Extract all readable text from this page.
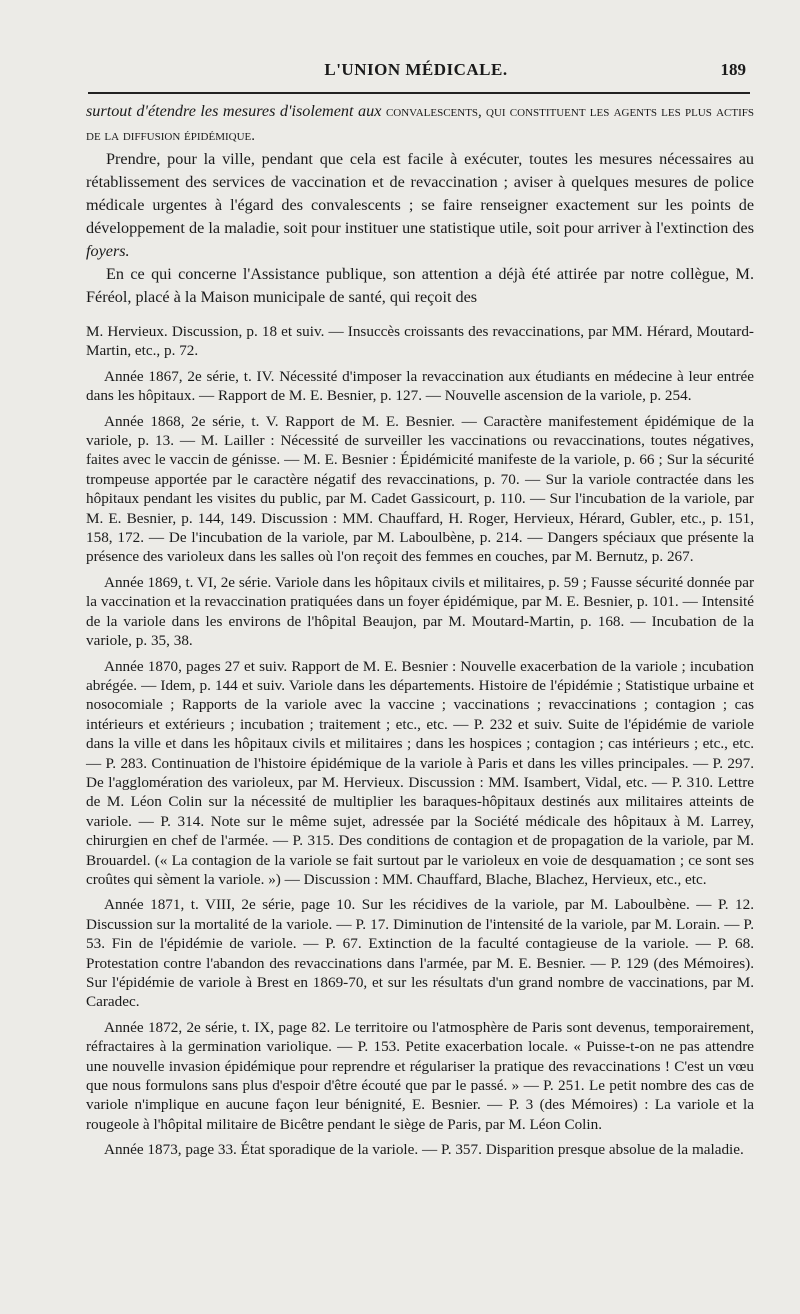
L'UNION MÉDICALE.	189

surtout d'étendre les mesures d'isolement aux convalescents, qui constituent les agents les plus actifs de la diffusion épidémique.

Prendre, pour la ville, pendant que cela est facile à exécuter, toutes les mesures nécessaires au rétablissement des services de vaccination et de revaccination ; aviser à quelques mesures de police médicale urgentes à l'égard des convalescents ; se faire renseigner exactement sur les points de développement de la maladie, soit pour instituer une statistique utile, soit pour arriver à l'extinction des foyers.

En ce qui concerne l'Assistance publique, son attention a déjà été attirée par notre collègue, M. Féréol, placé à la Maison municipale de santé, qui reçoit des

M. Hervieux. Discussion, p. 18 et suiv. — Insuccès croissants des revaccinations, par MM. Hérard, Moutard-Martin, etc., p. 72.

Année 1867, 2e série, t. IV. Nécessité d'imposer la revaccination aux étudiants en médecine à leur entrée dans les hôpitaux. — Rapport de M. E. Besnier, p. 127. — Nouvelle ascension de la variole, p. 254.

Année 1868, 2e série, t. V. Rapport de M. E. Besnier. — Caractère manifestement épidémique de la variole, p. 13. — M. Lailler : Nécessité de surveiller les vaccinations ou revaccinations, toutes négatives, faites avec le vaccin de génisse. — M. E. Besnier : Épidémicité manifeste de la variole, p. 66 ; Sur la sécurité trompeuse apportée par le caractère négatif des revaccinations, p. 70. — Sur la variole contractée dans les hôpitaux pendant les visites du public, par M. Cadet Gassicourt, p. 110. — Sur l'incubation de la variole, par M. E. Besnier, p. 144, 149. Discussion : MM. Chauffard, H. Roger, Hervieux, Hérard, Gubler, etc., p. 151, 158, 172. — De l'incubation de la variole, par M. Laboulbène, p. 214. — Dangers spéciaux que présente la présence des varioleux dans les salles où l'on reçoit des femmes en couches, par M. Bernutz, p. 267.

Année 1869, t. VI, 2e série. Variole dans les hôpitaux civils et militaires, p. 59 ; Fausse sécurité donnée par la vaccination et la revaccination pratiquées dans un foyer épidémique, par M. E. Besnier, p. 101. — Intensité de la variole dans les environs de l'hôpital Beaujon, par M. Moutard-Martin, p. 168. — Incubation de la variole, p. 35, 38.

Année 1870, pages 27 et suiv. Rapport de M. E. Besnier : Nouvelle exacerbation de la variole ; incubation abrégée. — Idem, p. 144 et suiv. Variole dans les départements. Histoire de l'épidémie ; Statistique urbaine et nosocomiale ; Rapports de la variole avec la vaccine ; vaccinations ; revaccinations ; contagion ; cas intérieurs et extérieurs ; incubation ; traitement ; etc., etc. — P. 232 et suiv. Suite de l'épidémie de variole dans la ville et dans les hôpitaux civils et militaires ; dans les hospices ; contagion ; cas intérieurs ; etc., etc. — P. 283. Continuation de l'histoire épidémique de la variole à Paris et dans les villes principales. — P. 297. De l'agglomération des varioleux, par M. Hervieux. Discussion : MM. Isambert, Vidal, etc. — P. 310. Lettre de M. Léon Colin sur la nécessité de multiplier les baraques-hôpitaux destinés aux militaires atteints de variole. — P. 314. Note sur le même sujet, adressée par la Société médicale des hôpitaux à M. Larrey, chirurgien en chef de l'armée. — P. 315. Des conditions de contagion et de propagation de la variole, par M. Brouardel. (« La contagion de la variole se fait surtout par le varioleux en voie de desquamation ; ce sont ses croûtes qui sèment la variole. ») — Discussion : MM. Chauffard, Blache, Blachez, Hervieux, etc., etc.

Année 1871, t. VIII, 2e série, page 10. Sur les récidives de la variole, par M. Laboulbène. — P. 12. Discussion sur la mortalité de la variole. — P. 17. Diminution de l'intensité de la variole, par M. Lorain. — P. 53. Fin de l'épidémie de variole. — P. 67. Extinction de la faculté contagieuse de la variole. — P. 68. Protestation contre l'abandon des revaccinations dans l'armée, par M. E. Besnier. — P. 129 (des Mémoires). Sur l'épidémie de variole à Brest en 1869-70, et sur les résultats d'un grand nombre de vaccinations, par M. Caradec.

Année 1872, 2e série, t. IX, page 82. Le territoire ou l'atmosphère de Paris sont devenus, temporairement, réfractaires à la germination variolique. — P. 153. Petite exacerbation locale. « Puisse-t-on ne pas attendre une nouvelle invasion épidémique pour reprendre et régulariser la pratique des revaccinations ! C'est un vœu que nous formulons sans plus d'espoir d'être écouté que par le passé. » — P. 251. Le petit nombre des cas de variole n'implique en aucune façon leur bénignité, E. Besnier. — P. 3 (des Mémoires) : La variole et la rougeole à l'hôpital militaire de Bicêtre pendant le siège de Paris, par M. Léon Colin.

Année 1873, page 33. État sporadique de la variole. — P. 357. Disparition presque absolue de la maladie.
